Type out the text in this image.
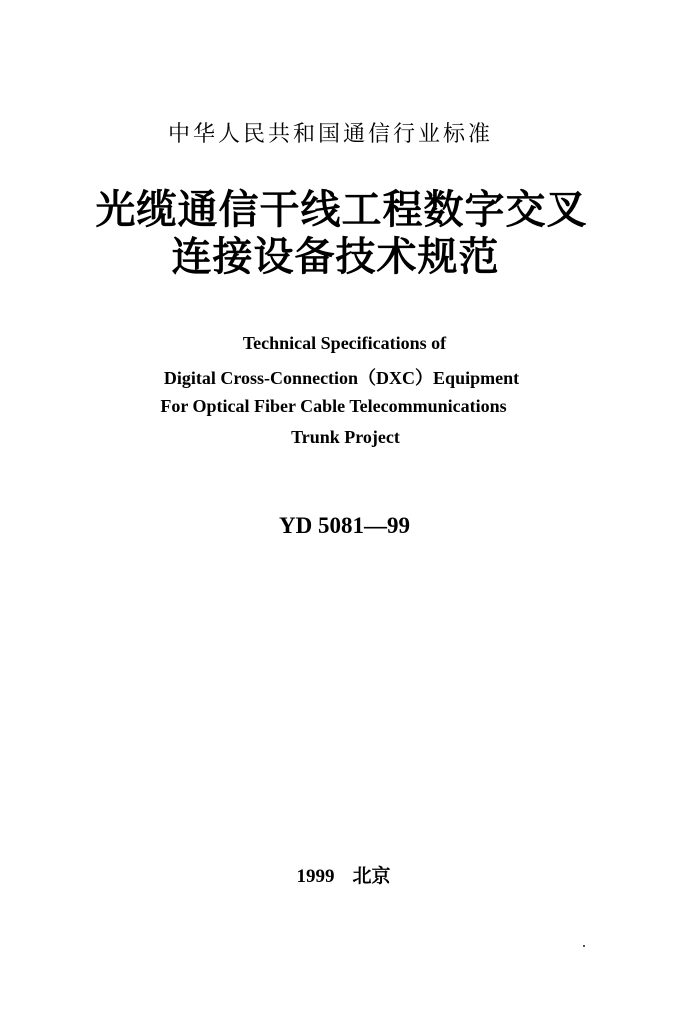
中华人民共和国通信行业标准
光缆通信干线工程数字交叉
连接设备技术规范
Technical Specifications of
Digital Cross-Connection（DXC）Equipment
For Optical Fiber Cable Telecommunications
Trunk Project
YD 5081—99
1999 北京
